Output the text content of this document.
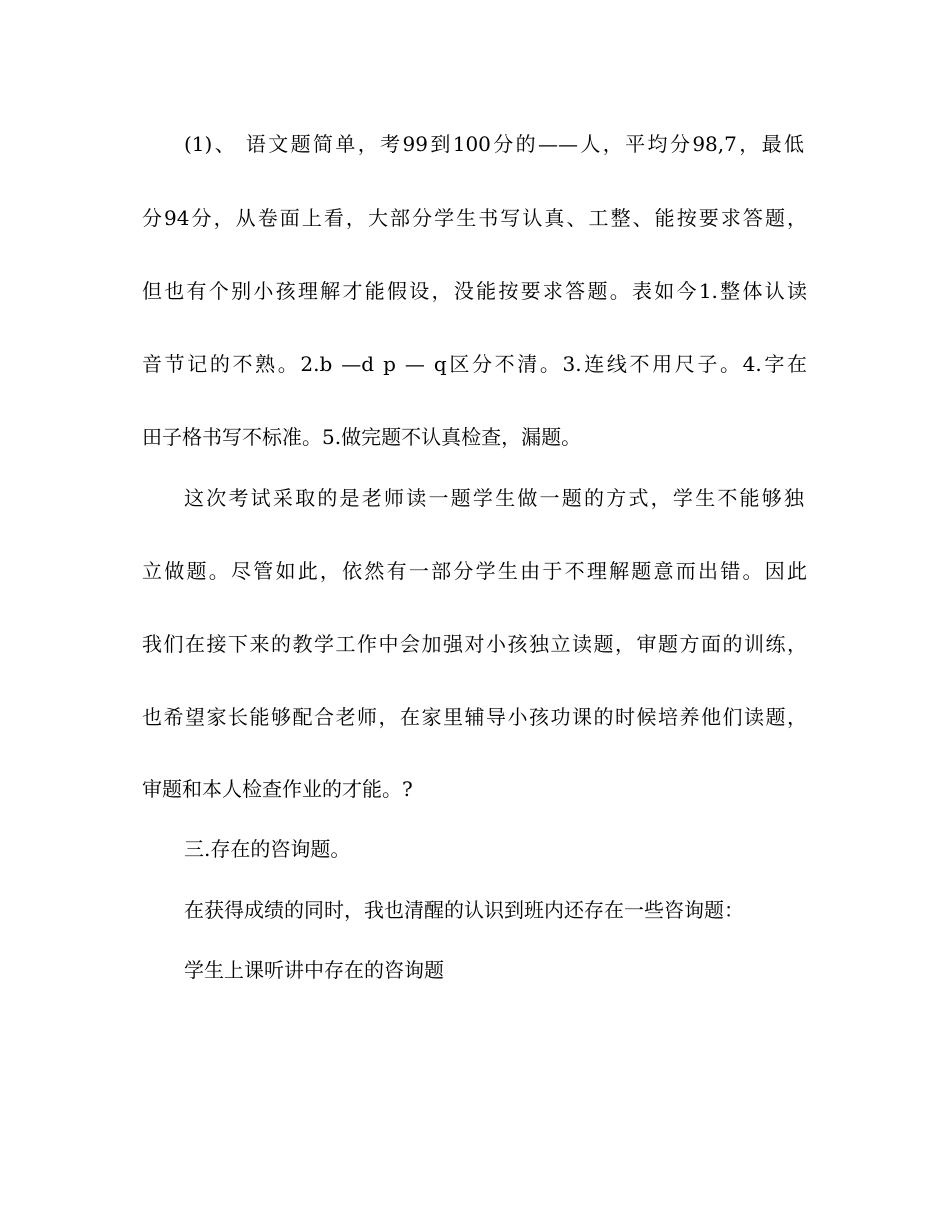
(1)、 语文题简单，考99到100分的——人，平均分98,7，最低
分94分，从卷面上看，大部分学生书写认真、工整、能按要求答题，
但也有个别小孩理解才能假设，没能按要求答题。表如今1.整体认读
音节记的不熟。2.b —d p — q区分不清。3.连线不用尺子。4.字在
田子格书写不标准。5.做完题不认真检查，漏题。
这次考试采取的是老师读一题学生做一题的方式，学生不能够独
立做题。尽管如此，依然有一部分学生由于不理解题意而出错。因此
我们在接下来的教学工作中会加强对小孩独立读题，审题方面的训练，
也希望家长能够配合老师，在家里辅导小孩功课的时候培养他们读题，
审题和本人检查作业的才能。?
三.存在的咨询题。
在获得成绩的同时，我也清醒的认识到班内还存在一些咨询题：
学生上课听讲中存在的咨询题
